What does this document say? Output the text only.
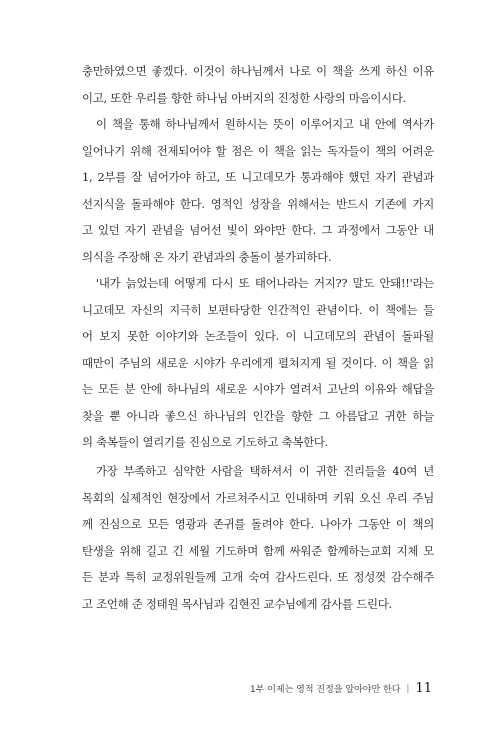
충만하였으면 좋겠다. 이것이 하나님께서 나로 이 책을 쓰게 하신 이유
이고, 또한 우리를 향한 하나님 아버지의 진정한 사랑의 마음이시다.
이 책을 통해 하나님께서 원하시는 뜻이 이루어지고 내 안에 역사가
일어나기 위해 전제되어야 할 점은 이 책을 읽는 독자들이 책의 어려운
1, 2부를 잘 넘어가야 하고, 또 니고데모가 통과해야 했던 자기 관념과
선지식을 돌파해야 한다. 영적인 성장을 위해서는 반드시 기존에 가지
고 있던 자기 관념을 넘어선 빛이 와야만 한다. 그 과정에서 그동안 내
의식을 주장해 온 자기 관념과의 충돌이 불가피하다.
'내가 늙었는데 어떻게 다시 또 태어나라는 거지?? 말도 안돼!!'라는
니고데모 자신의 지극히 보편타당한 인간적인 관념이다. 이 책에는 들
어 보지 못한 이야기와 논조들이 있다. 이 니고데모의 관념이 돌파될
때만이 주님의 새로운 시야가 우리에게 펼쳐지게 될 것이다. 이 책을 읽
는 모든 분 안에 하나님의 새로운 시야가 열려서 고난의 이유와 해답을
찾을 뿐 아니라 좋으신 하나님의 인간을 향한 그 아름답고 귀한 하늘
의 축복들이 열리기를 진심으로 기도하고 축복한다.
가장 부족하고 심약한 사람을 택하셔서 이 귀한 진리들을 40여 년
목회의 실제적인 현장에서 가르쳐주시고 인내하며 키워 오신 우리 주님
께 진심으로 모든 영광과 존귀를 돌려야 한다. 나아가 그동안 이 책의
탄생을 위해 길고 긴 세월 기도하며 함께 싸워준 함께하는교회 지체 모
든 분과 특히 교정위원들께 고개 숙여 감사드린다. 또 정성껏 감수해주
고 조언해 준 정태원 목사님과 김현진 교수님에게 감사를 드린다.
1부 이제는 영적 진정을 알아야만 한다 | 11
